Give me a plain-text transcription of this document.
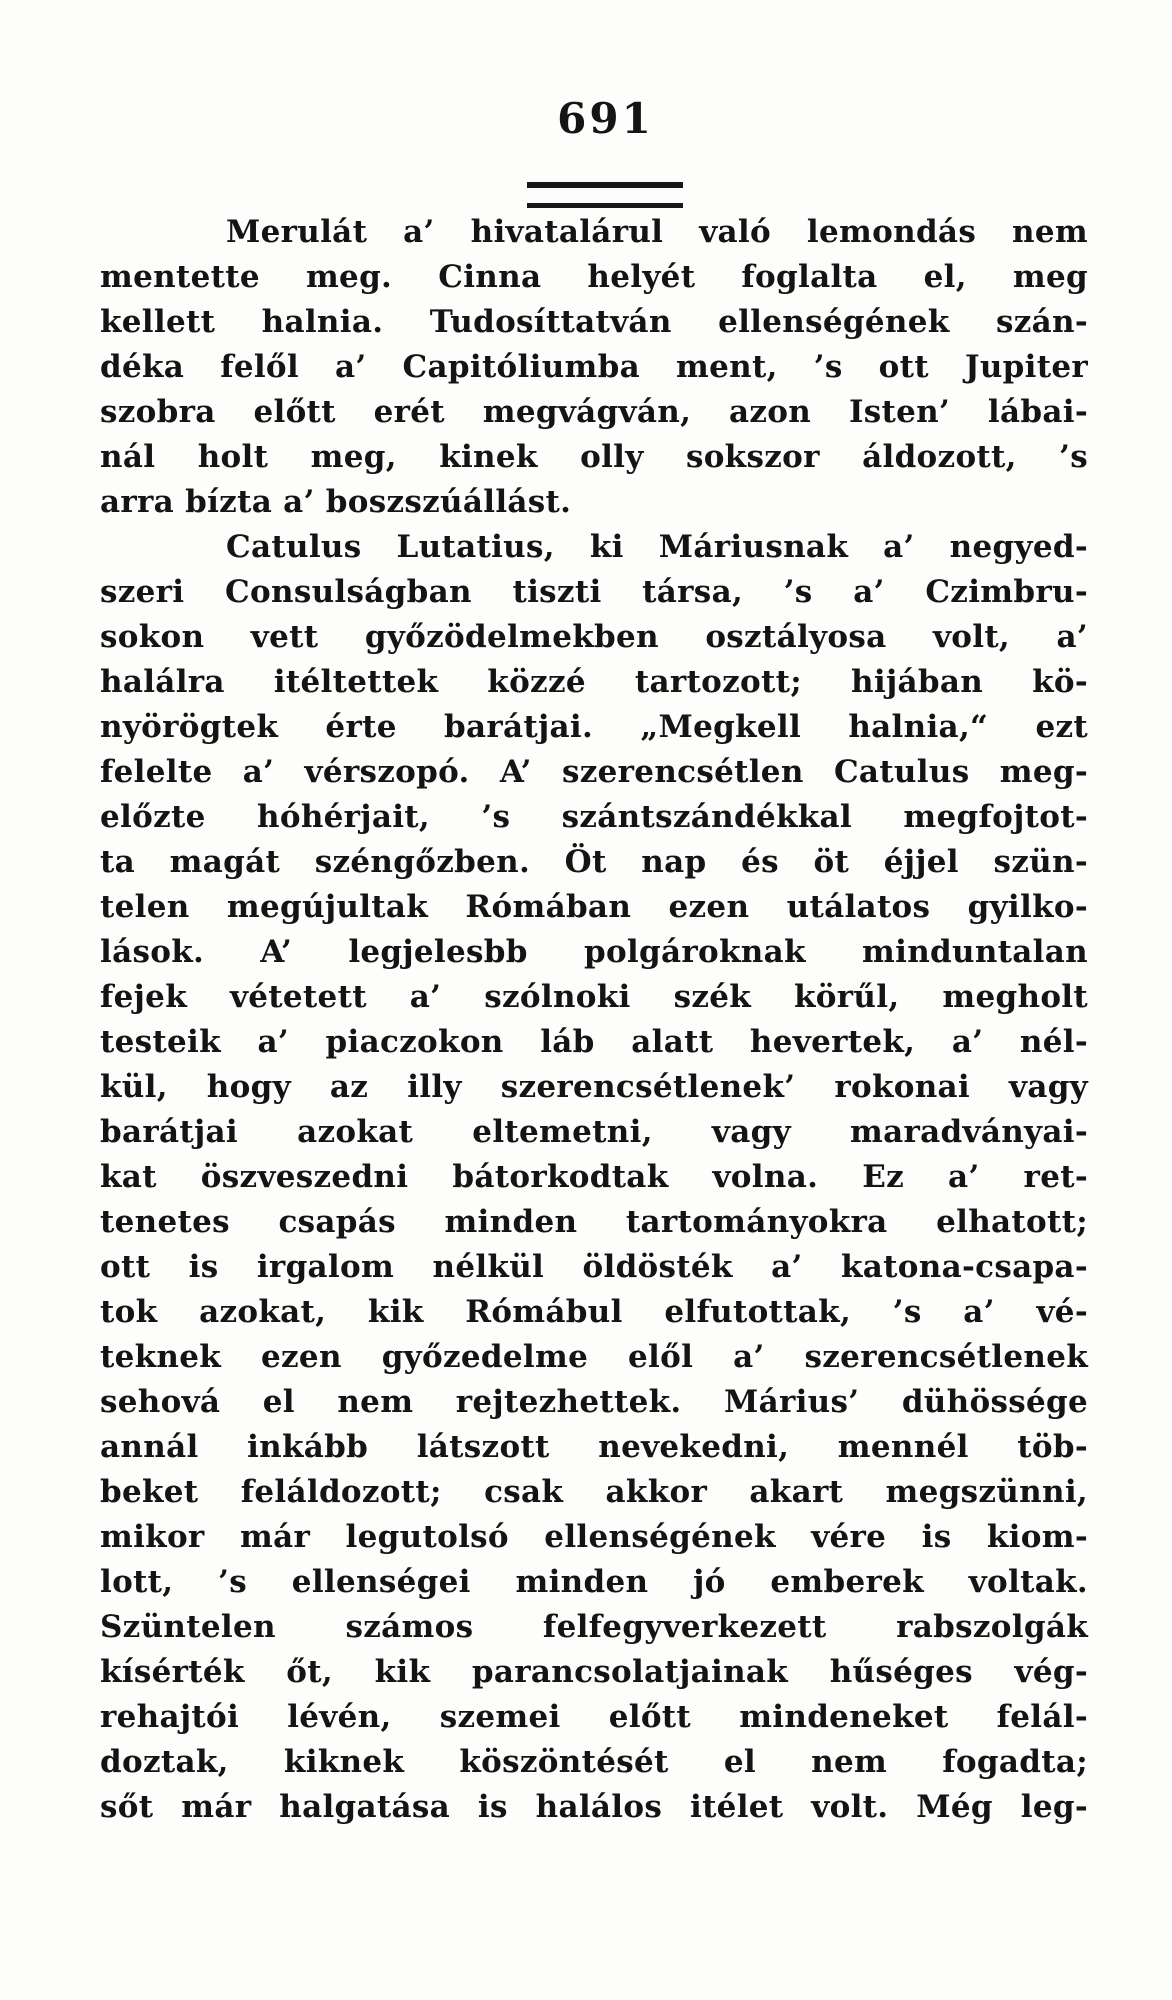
691
Merulát a’ hivatalárul való lemondás nem
mentette meg. Cinna helyét foglalta el, meg
kellett halnia. Tudosíttatván ellenségének szán-
déka felől a’ Capitóliumba ment, ’s ott Jupiter
szobra előtt erét megvágván, azon Isten’ lábai-
nál holt meg, kinek olly sokszor áldozott, ’s
arra bízta a’ boszszúállást.
Catulus Lutatius, ki Máriusnak a’ negyed-
szeri Consulságban tiszti társa, ’s a’ Czimbru-
sokon vett győzödelmekben osztályosa volt, a’
halálra itéltettek közzé tartozott; hijában kö-
nyörögtek érte barátjai. „Megkell halnia,“ ezt
felelte a’ vérszopó. A’ szerencsétlen Catulus meg-
előzte hóhérjait, ’s szántszándékkal megfojtot-
ta magát széngőzben. Öt nap és öt éjjel szün-
telen megújultak Rómában ezen utálatos gyilko-
lások. A’ legjelesbb polgároknak minduntalan
fejek vétetett a’ szólnoki szék körűl, megholt
testeik a’ piaczokon láb alatt hevertek, a’ nél-
kül, hogy az illy szerencsétlenek’ rokonai vagy
barátjai azokat eltemetni, vagy maradványai-
kat öszveszedni bátorkodtak volna. Ez a’ ret-
tenetes csapás minden tartományokra elhatott;
ott is irgalom nélkül öldösték a’ katona-csapa-
tok azokat, kik Rómábul elfutottak, ’s a’ vé-
teknek ezen győzedelme elől a’ szerencsétlenek
sehová el nem rejtezhettek. Márius’ dühössége
annál inkább látszott nevekedni, mennél töb-
beket feláldozott; csak akkor akart megszünni,
mikor már legutolsó ellenségének vére is kiom-
lott, ’s ellenségei minden jó emberek voltak.
Szüntelen számos felfegyverkezett rabszolgák
kísérték őt, kik parancsolatjainak hűséges vég-
rehajtói lévén, szemei előtt mindeneket felál-
doztak, kiknek köszöntését el nem fogadta;
sőt már halgatása is halálos itélet volt. Még leg-
